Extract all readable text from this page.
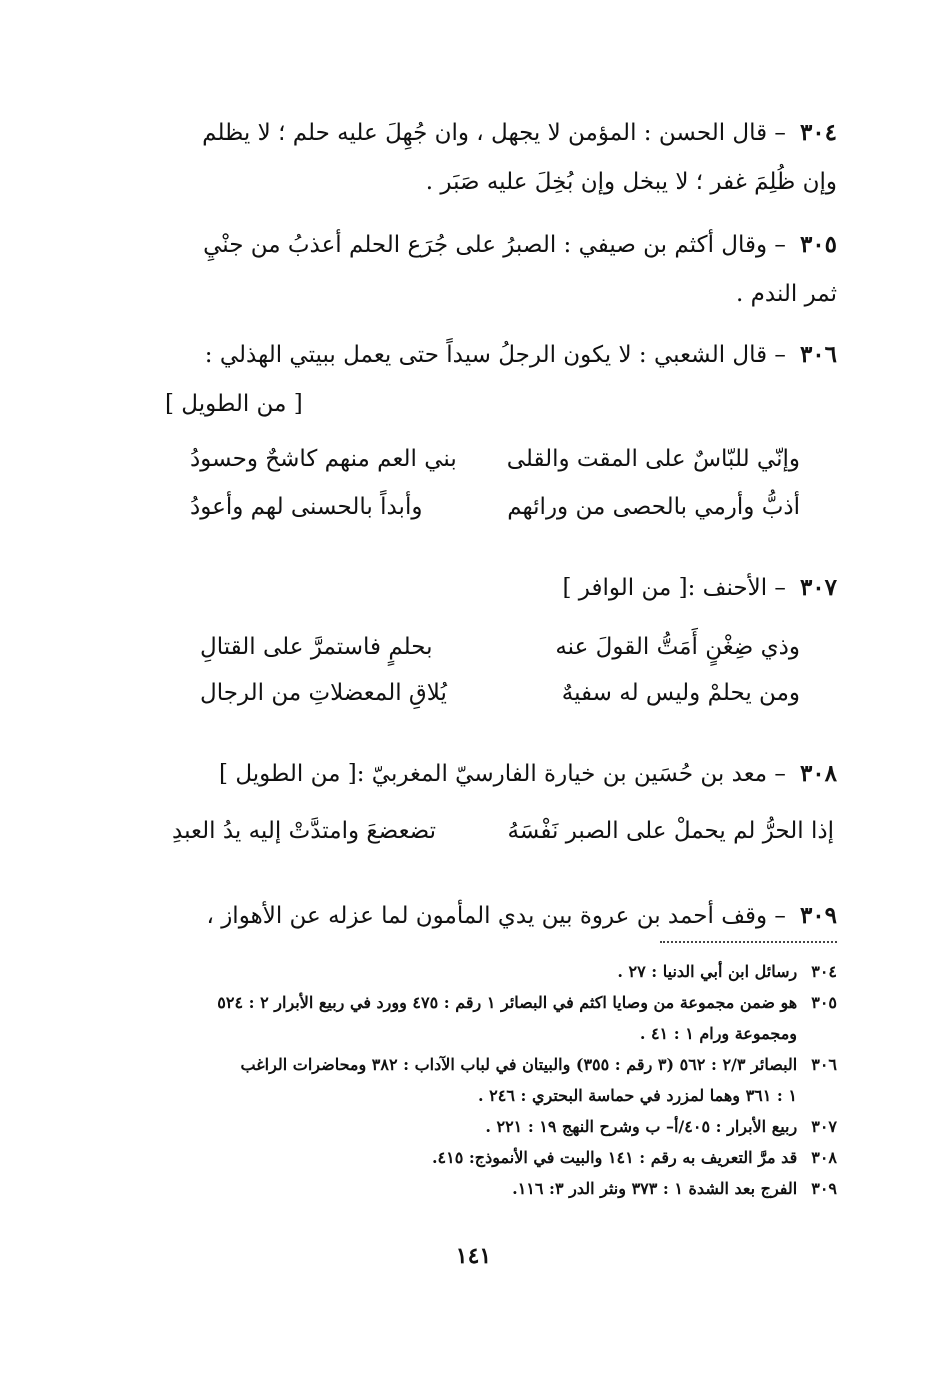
٣٠٤– قال الحسن : المؤمن لا يجهل ، وان جُهِلَ عليه حلم ؛ لا يظلم وإن ظُلِمَ غفر ؛ لا يبخل وإن بُخِلَ عليه صَبَر .
٣٠٥– وقال أكثم بن صيفي : الصبرُ على جُرَع الحلم أعذبُ من جنْيِ ثمر الندم .
٣٠٦– قال الشعبي : لا يكون الرجلُ سيداً حتى يعمل ببيتي الهذلي :
[ من الطويل ]
وإنّي للبّاسٌ على المقت والقلى
بني العم منهم كاشحٌ وحسودُ
أذبُّ وأرمي بالحصى من ورائهم
وأبداً بالحسنى لهم وأعودُ
٣٠٧– الأحنف :[ من الوافر ]
وذي ضِغْنٍ أَمَتُّ القولَ عنه
بحلمٍ فاستمرَّ على القتالِ
ومن يحلمْ وليس له سفيهٌ
يُلاقِ المعضلاتِ من الرجال
٣٠٨– معد بن حُسَين بن خيارة الفارسيّ المغربيّ :[ من الطويل ]
إذا الحرُّ لم يحملْ على الصبر نَفْسَهُ
تضعضعَ وامتدَّتْ إليه يدُ العبدِ
٣٠٩– وقف أحمد بن عروة بين يدي المأمون لما عزله عن الأهواز ،
٣٠٤رسائل ابن أبي الدنيا : ٢٧ .
٣٠٥هو ضمن مجموعة من وصايا اكثم في البصائر ١ رقم : ٤٧٥ وورد في ربيع الأبرار ٢ : ٥٢٤
ومجموعة ورام ١ : ٤١ .
٣٠٦البصائر ٢/٣ : ٥٦٢ (٣ رقم : ٣٥٥) والبيتان في لباب الآداب : ٣٨٢ ومحاضرات الراغب
١ : ٣٦١ وهما لمزرد في حماسة البحتري : ٢٤٦ .
٣٠٧ربيع الأبرار : ٤٠٥/أ– ب وشرح النهج ١٩ : ٢٢١ .
٣٠٨قد مرَّ التعريف به رقم : ١٤١ والبيت في الأنموذج: ٤١٥.
٣٠٩الفرج بعد الشدة ١ : ٣٧٣ ونثر الدر ٣: ١١٦.
١٤١
